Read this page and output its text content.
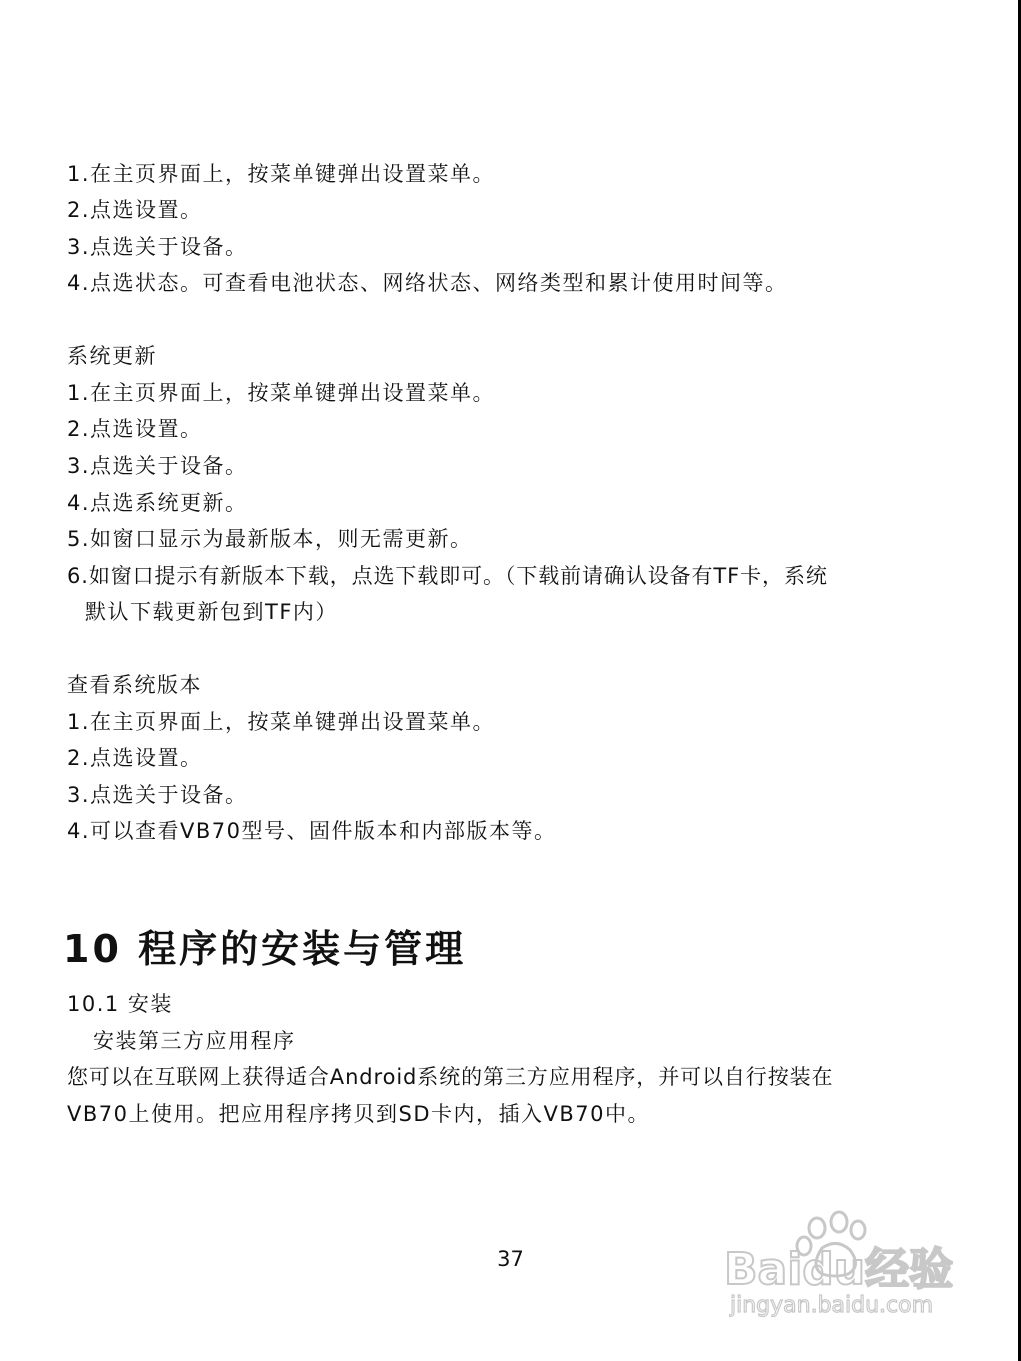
1.在主页界面上，按菜单键弹出设置菜单。
2.点选设置。
3.点选关于设备。
4.点选状态。可查看电池状态、网络状态、网络类型和累计使用时间等。
系统更新
1.在主页界面上，按菜单键弹出设置菜单。
2.点选设置。
3.点选关于设备。
4.点选系统更新。
5.如窗口显示为最新版本，则无需更新。
6.如窗口提示有新版本下载，点选下载即可。（下载前请确认设备有TF卡，系统
默认下载更新包到TF内）
查看系统版本
1.在主页界面上，按菜单键弹出设置菜单。
2.点选设置。
3.点选关于设备。
4.可以查看VB70型号、固件版本和内部版本等。
10 程序的安装与管理
10.1 安装
安装第三方应用程序
您可以在互联网上获得适合Android系统的第三方应用程序，并可以自行按装在
VB70上使用。把应用程序拷贝到SD卡内，插入VB70中。
37	Baidu经验
jingyan.baidu.com
